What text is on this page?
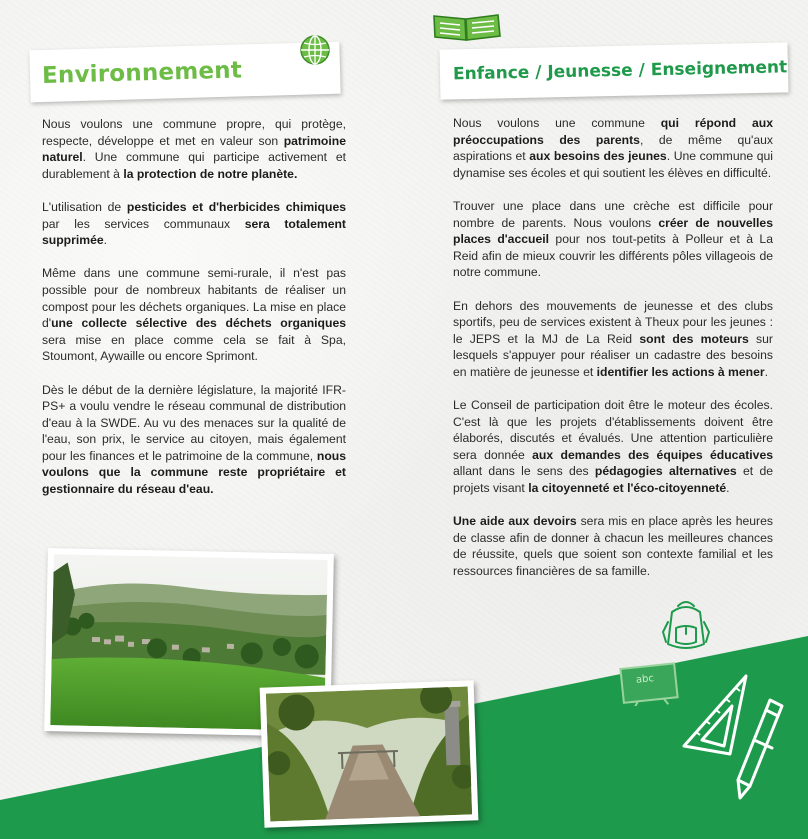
Environnement	Enfance / Jeunesse / Enseignement

Nous voulons une commune propre, qui protège, respecte, développe et met en valeur son patrimoine naturel. Une commune qui participe activement et durablement à la protection de notre planète.

L'utilisation de pesticides et d'herbicides chimiques par les services communaux sera totalement supprimée.

Même dans une commune semi-rurale, il n'est pas possible pour de nombreux habitants de réaliser un compost pour les déchets organiques. La mise en place d'une collecte sélective des déchets organiques sera mise en place comme cela se fait à Spa, Stoumont, Aywaille ou encore Sprimont.

Dès le début de la dernière législature, la majorité IFR-PS+ a voulu vendre le réseau communal de distribution d'eau à la SWDE. Au vu des menaces sur la qualité de l'eau, son prix, le service au citoyen, mais également pour les finances et le patrimoine de la commune, nous voulons que la commune reste propriétaire et gestionnaire du réseau d'eau.

Nous voulons une commune qui répond aux préoccupations des parents, de même qu'aux aspirations et aux besoins des jeunes. Une commune qui dynamise ses écoles et qui soutient les élèves en difficulté.

Trouver une place dans une crèche est difficile pour nombre de parents. Nous voulons créer de nouvelles places d'accueil pour nos tout-petits à Polleur et à La Reid afin de mieux couvrir les différents pôles villageois de notre commune.

En dehors des mouvements de jeunesse et des clubs sportifs, peu de services existent à Theux pour les jeunes : le JEPS et la MJ de La Reid sont des moteurs sur lesquels s'appuyer pour réaliser un cadastre des besoins en matière de jeunesse et identifier les actions à mener.

Le Conseil de participation doit être le moteur des écoles. C'est là que les projets d'établissements doivent être élaborés, discutés et évalués. Une attention particulière sera donnée aux demandes des équipes éducatives allant dans le sens des pédagogies alternatives et de projets visant la citoyenneté et l'éco-citoyenneté.

Une aide aux devoirs sera mis en place après les heures de classe afin de donner à chacun les meilleures chances de réussite, quels que soient son contexte familial et les ressources financières de sa famille.

abc
